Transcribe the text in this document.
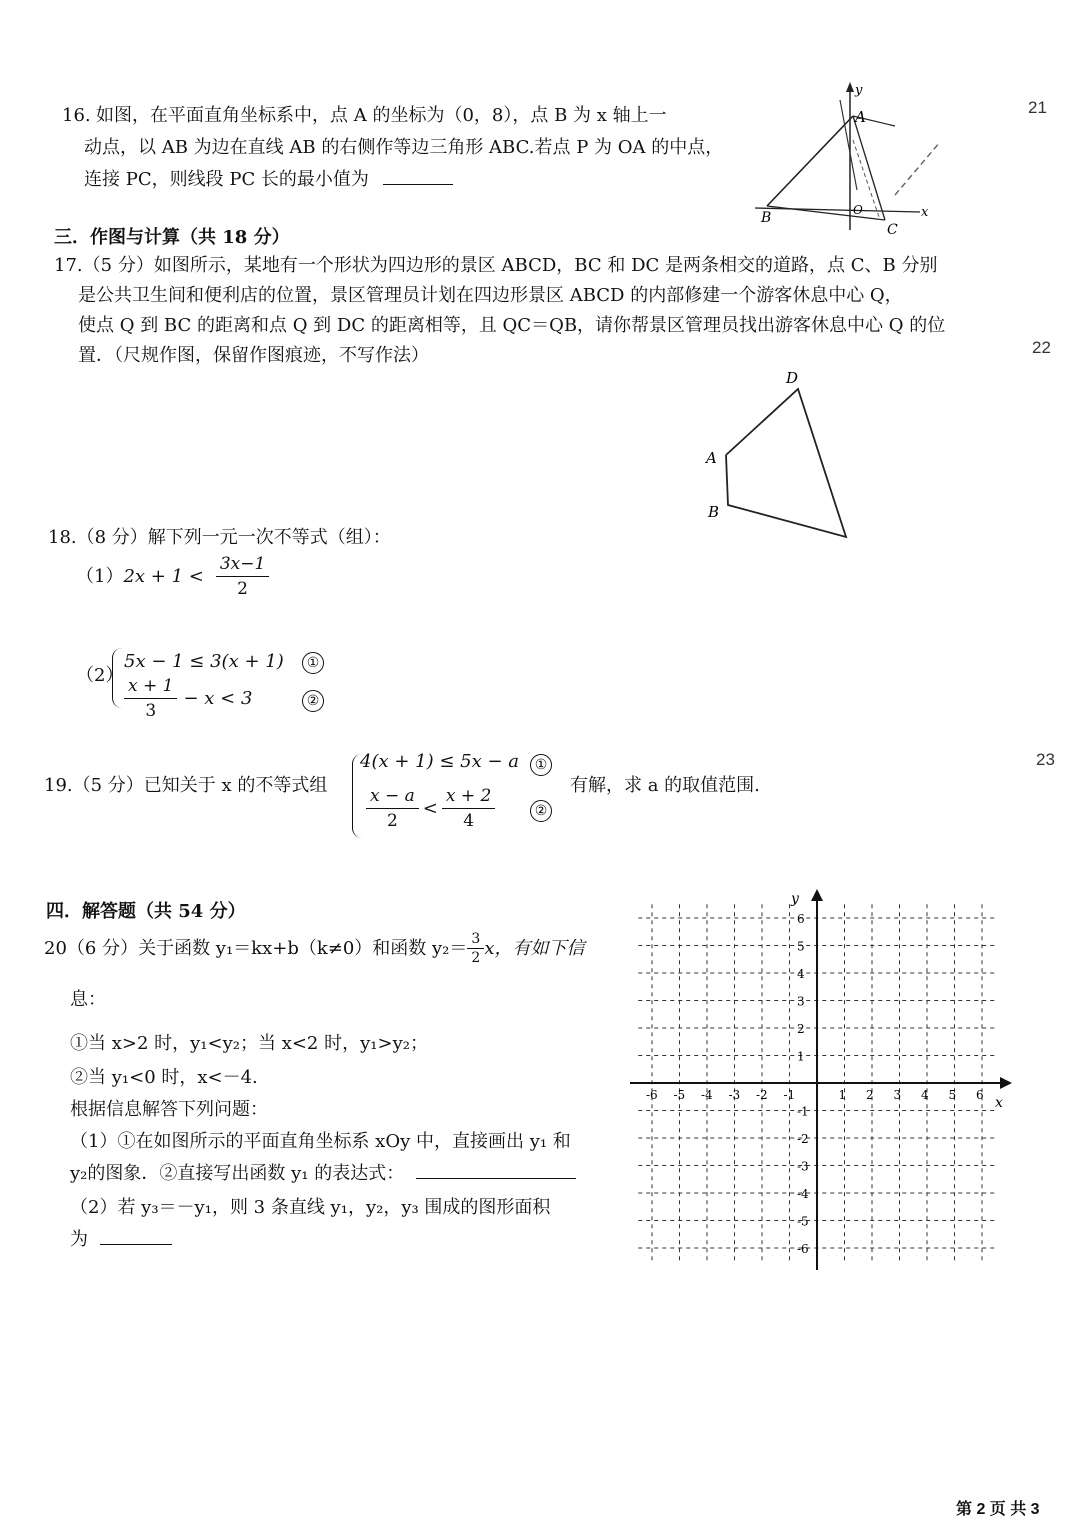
21
22
23
16. 如图，在平面直角坐标系中，点 A 的坐标为（0，8），点 B 为 x 轴上一
动点，以 AB 为边在直线 AB 的右侧作等边三角形 ABC.若点 P 为 OA 的中点，
连接 PC，则线段 PC 长的最小值为
y
A
B
C
x
O
三．作图与计算（共 18 分）
17.（5 分）如图所示，某地有一个形状为四边形的景区 ABCD，BC 和 DC 是两条相交的道路，点 C、B 分别
是公共卫生间和便利店的位置，景区管理员计划在四边形景区 ABCD 的内部修建一个游客休息中心 Q，
使点 Q 到 BC 的距离和点 Q 到 DC 的距离相等，且 QC＝QB，请你帮景区管理员找出游客休息中心 Q 的位
置．（尺规作图，保留作图痕迹，不写作法）
D
A
B
18.（8 分）解下列一元一次不等式（组）：
（1） $2x + 1 < \frac{3x-1}{2}$
（2）
5x − 1 ≤ 3(x + 1)
$\frac{x + 1}{3} - x < 3$
①
②
19.（5 分）已知关于 x 的不等式组
4(x + 1) ≤ 5x − a
$\frac{x - a}{2} < \frac{x + 2}{4}$
①
②
有解，求 a 的取值范围.
四．解答题（共 54 分）
20（6 分）关于函数 y₁＝kx+b（k≠0）和函数 $y_2= \frac{3}{2}$ x，有如下信
息：
①当 x>2 时，y₁<y₂；当 x<2 时，y₁>y₂；
②当 y₁<0 时，x<－4.
根据信息解答下列问题：
（1）①在如图所示的平面直角坐标系 xOy 中，直接画出 y₁ 和
y₂的图象．②直接写出函数 y₁ 的表达式：
（2）若 y₃＝－y₁，则 3 条直线 y₁，y₂，y₃ 围成的图形面积
为
x
y
-6 -5 -4 -3 -2 -1	1 2 3 4 5 6
6
5
4
3
2
1
-1
-2
-3
-4
-5
-6
第 2 页 共 3
